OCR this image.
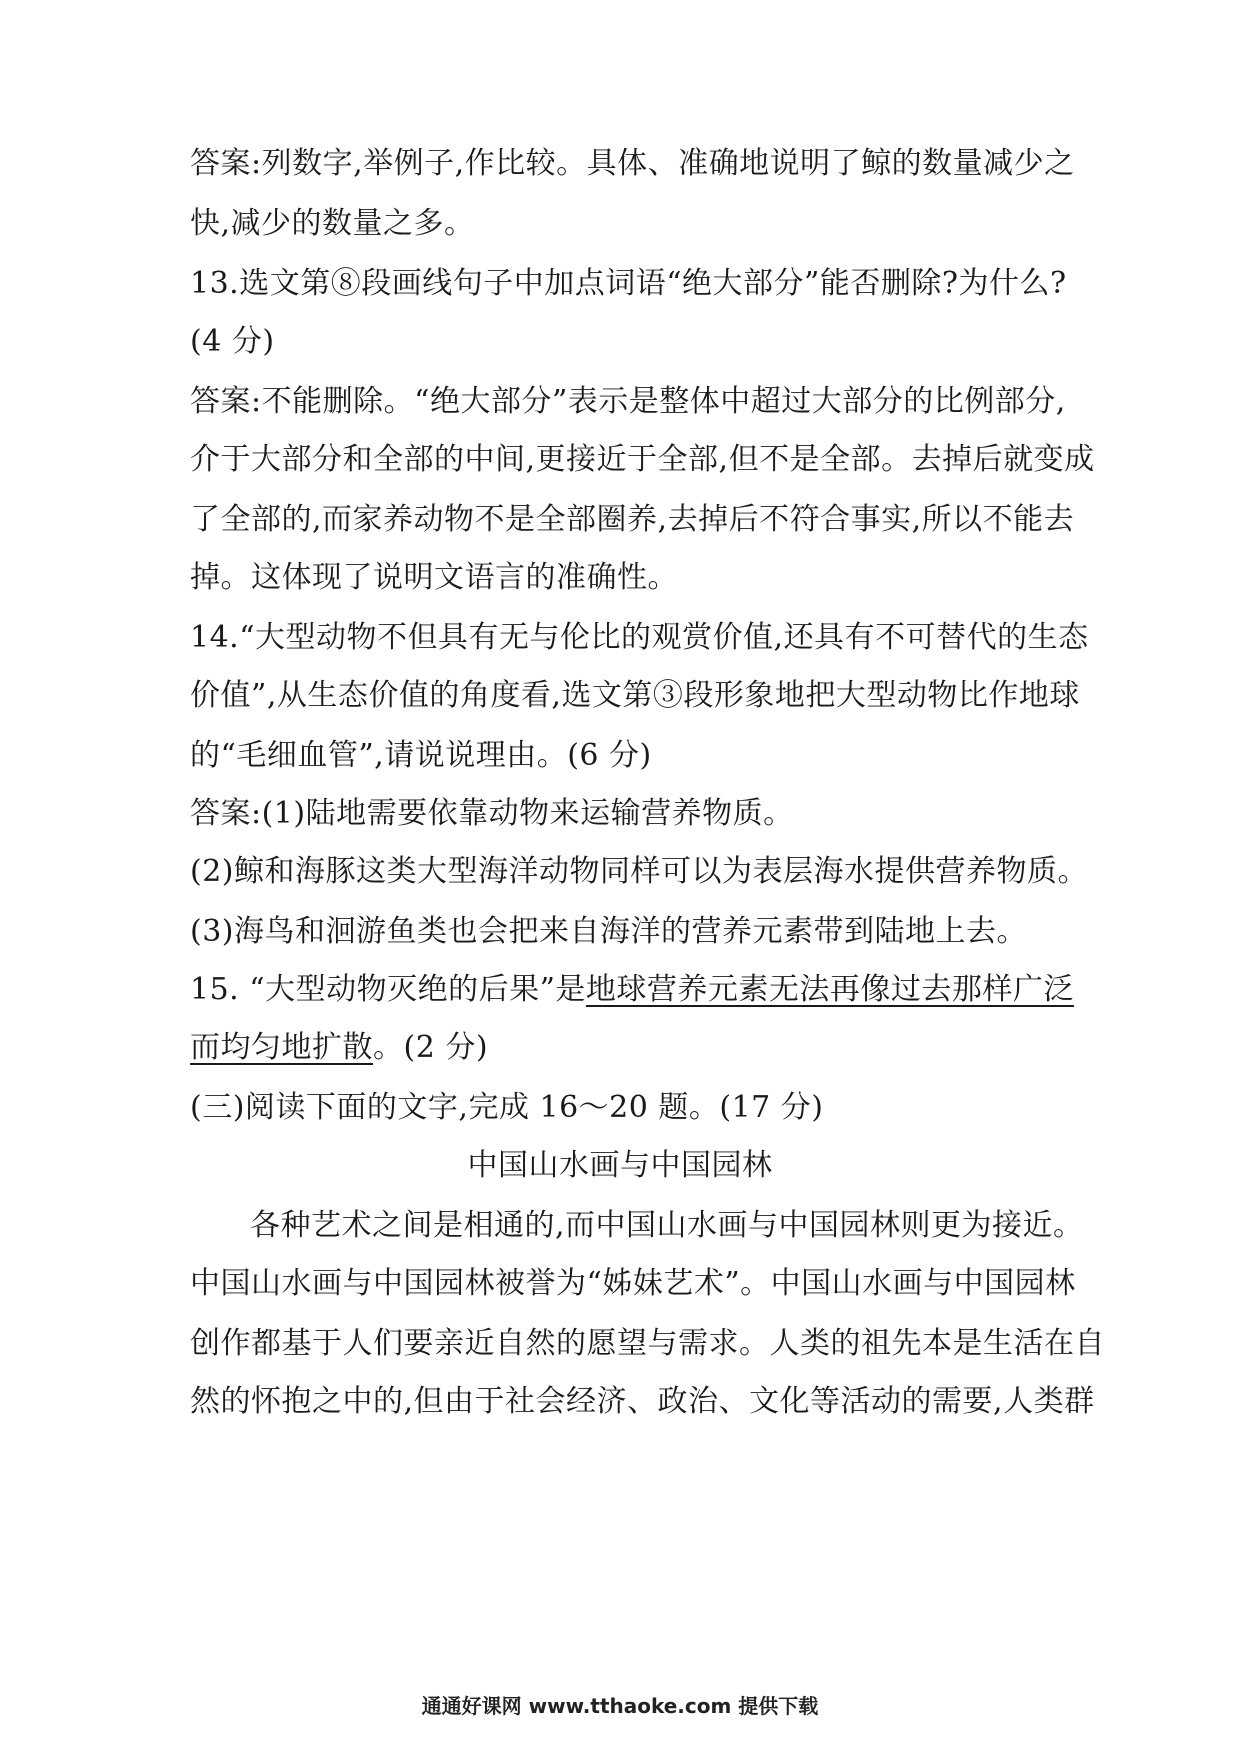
答案:列数字,举例子,作比较。具体、准确地说明了鲸的数量减少之
快,减少的数量之多。
13.选文第⑧段画线句子中加点词语“绝大部分”能否删除?为什么?
(4 分)
答案:不能删除。“绝大部分”表示是整体中超过大部分的比例部分,
介于大部分和全部的中间,更接近于全部,但不是全部。去掉后就变成
了全部的,而家养动物不是全部圈养,去掉后不符合事实,所以不能去
掉。这体现了说明文语言的准确性。
14.“大型动物不但具有无与伦比的观赏价值,还具有不可替代的生态
价值”,从生态价值的角度看,选文第③段形象地把大型动物比作地球
的“毛细血管”,请说说理由。(6 分)
答案:(1)陆地需要依靠动物来运输营养物质。
(2)鲸和海豚这类大型海洋动物同样可以为表层海水提供营养物质。
(3)海鸟和洄游鱼类也会把来自海洋的营养元素带到陆地上去。
15. “大型动物灭绝的后果”是地球营养元素无法再像过去那样广泛
而均匀地扩散。(2 分)
(三)阅读下面的文字,完成 16～20 题。(17 分)
中国山水画与中国园林
各种艺术之间是相通的,而中国山水画与中国园林则更为接近。
中国山水画与中国园林被誉为“姊妹艺术”。中国山水画与中国园林
创作都基于人们要亲近自然的愿望与需求。人类的祖先本是生活在自
然的怀抱之中的,但由于社会经济、政治、文化等活动的需要,人类群
通通好课网 www.tthaoke.com 提供下载
